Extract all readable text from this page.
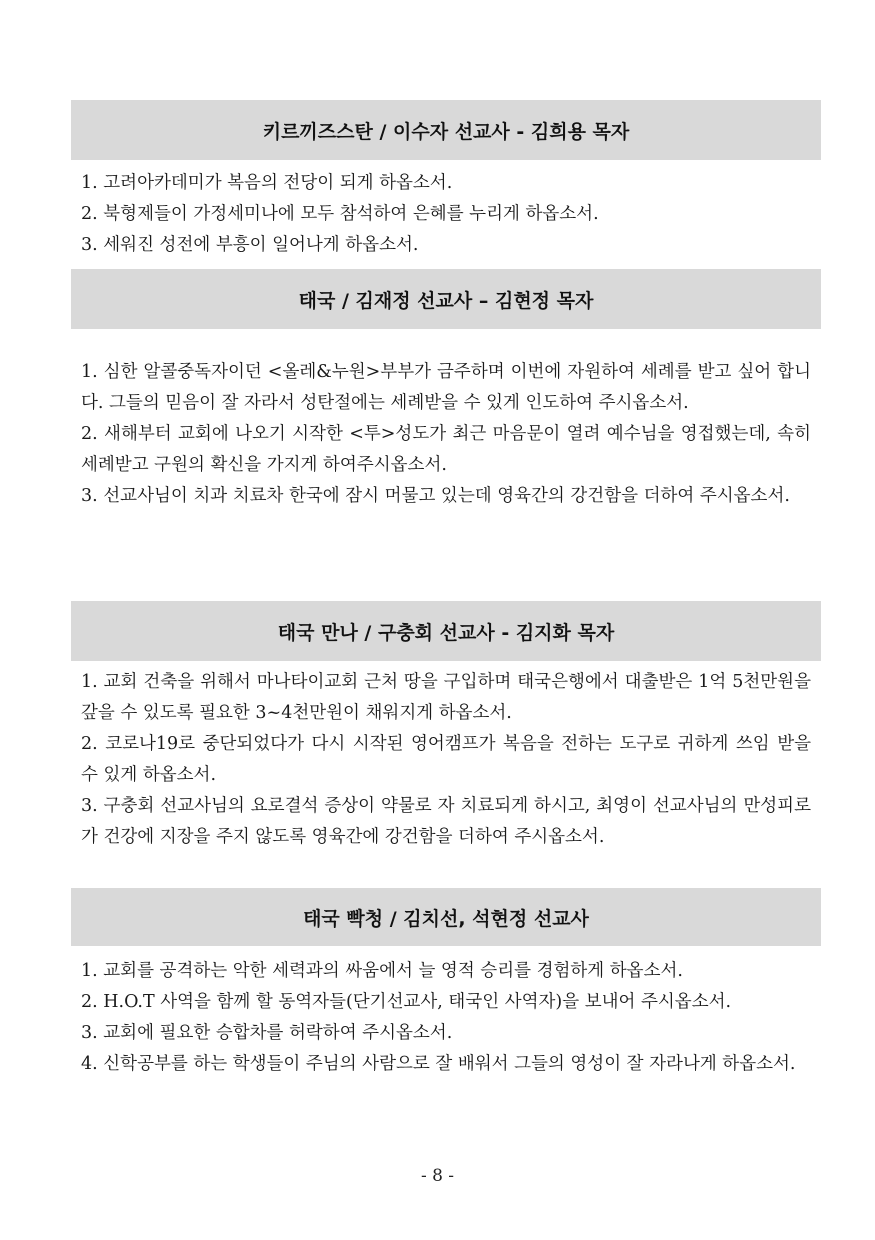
키르끼즈스탄 / 이수자 선교사 - 김희용 목자

1. 고려아카데미가 복음의 전당이 되게 하옵소서.

2. 북형제들이 가정세미나에 모두 참석하여 은혜를 누리게 하옵소서.

3. 세워진 성전에 부흥이 일어나게 하옵소서.

태국 / 김재정 선교사 – 김현정 목자

1. 심한 알콜중독자이던 <올레&누원>부부가 금주하며 이번에 자원하여 세례를 받고 싶어 합니다. 그들의 믿음이 잘 자라서 성탄절에는 세례받을 수 있게 인도하여 주시옵소서.

2. 새해부터 교회에 나오기 시작한 <투>성도가 최근 마음문이 열려 예수님을 영접했는데, 속히 세례받고 구원의 확신을 가지게 하여주시옵소서.

3. 선교사님이 치과 치료차 한국에 잠시 머물고 있는데 영육간의 강건함을 더하여 주시옵소서.

태국 만나 / 구충회 선교사 - 김지화 목자

1. 교회 건축을 위해서 마나타이교회 근처 땅을 구입하며 태국은행에서 대출받은 1억 5천만원을 갚을 수 있도록 필요한 3~4천만원이 채워지게 하옵소서.

2. 코로나19로 중단되었다가 다시 시작된 영어캠프가 복음을 전하는 도구로 귀하게 쓰임 받을 수 있게 하옵소서.

3. 구충회 선교사님의 요로결석 증상이 약물로 자 치료되게 하시고, 최영이 선교사님의 만성피로가 건강에 지장을 주지 않도록 영육간에 강건함을 더하여 주시옵소서.

태국 빡청 / 김치선, 석현정 선교사

1. 교회를 공격하는 악한 세력과의 싸움에서 늘 영적 승리를 경험하게 하옵소서.

2. H.O.T 사역을 함께 할 동역자들(단기선교사, 태국인 사역자)을 보내어 주시옵소서.

3. 교회에 필요한 승합차를 허락하여 주시옵소서.

4. 신학공부를 하는 학생들이 주님의 사람으로 잘 배워서 그들의 영성이 잘 자라나게 하옵소서.

- 8 -
